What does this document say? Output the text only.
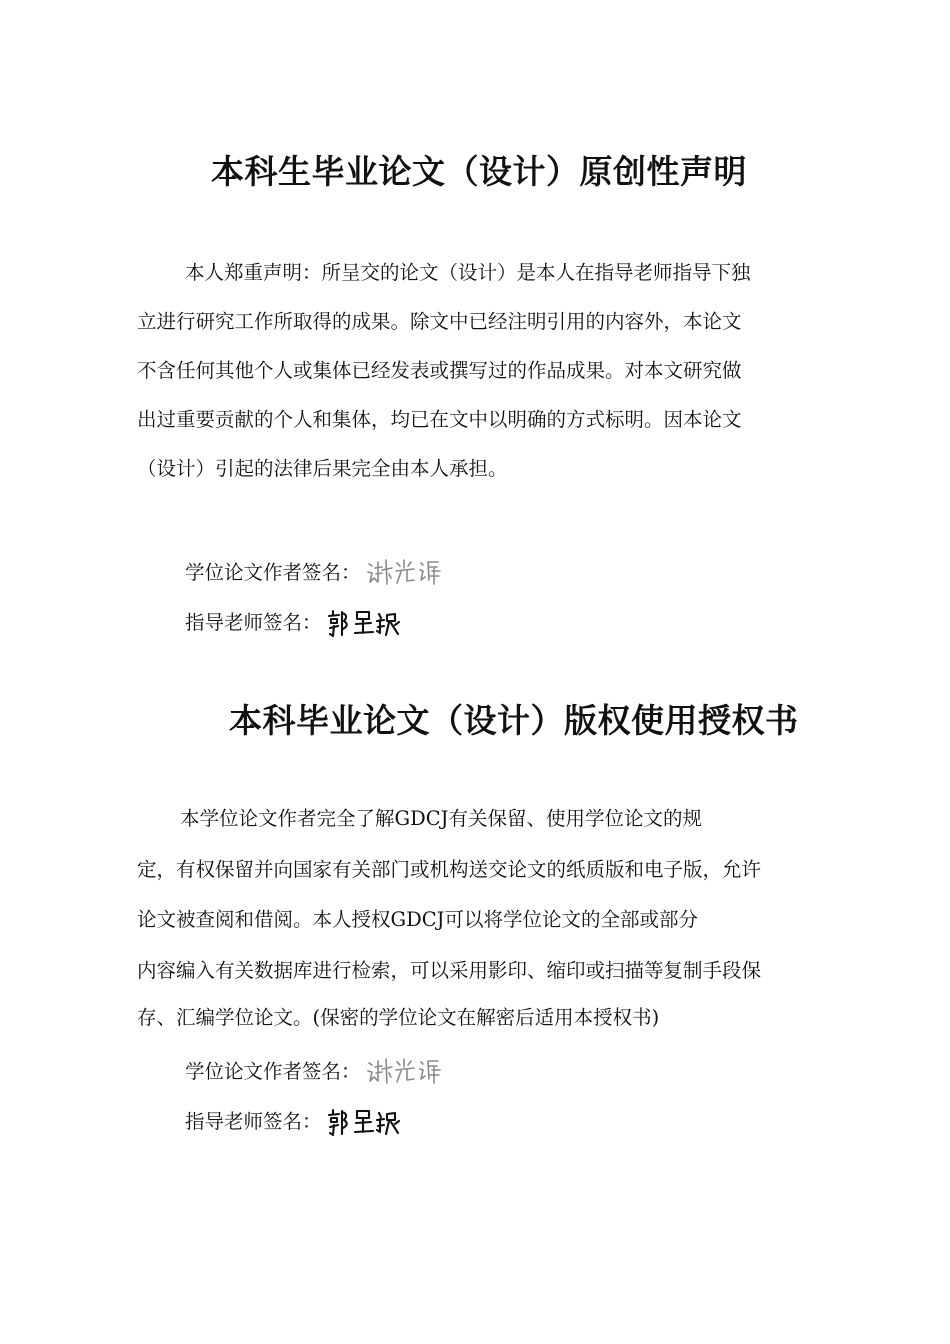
本科生毕业论文（设计）原创性声明

本人郑重声明：所呈交的论文（设计）是本人在指导老师指导下独

立进行研究工作所取得的成果。除文中已经注明引用的内容外，本论文

不含任何其他个人或集体已经发表或撰写过的作品成果。对本文研究做

出过重要贡献的个人和集体，均已在文中以明确的方式标明。因本论文

（设计）引起的法律后果完全由本人承担。

学位论文作者签名：
指导老师签名：
本科毕业论文（设计）版权使用授权书

本学位论文作者完全了解GDCJ有关保留、使用学位论文的规

定，有权保留并向国家有关部门或机构送交论文的纸质版和电子版，允许

论文被查阅和借阅。本人授权GDCJ可以将学位论文的全部或部分

内容编入有关数据库进行检索，可以采用影印、缩印或扫描等复制手段保

存、汇编学位论文。(保密的学位论文在解密后适用本授权书)

学位论文作者签名：
指导老师签名：
